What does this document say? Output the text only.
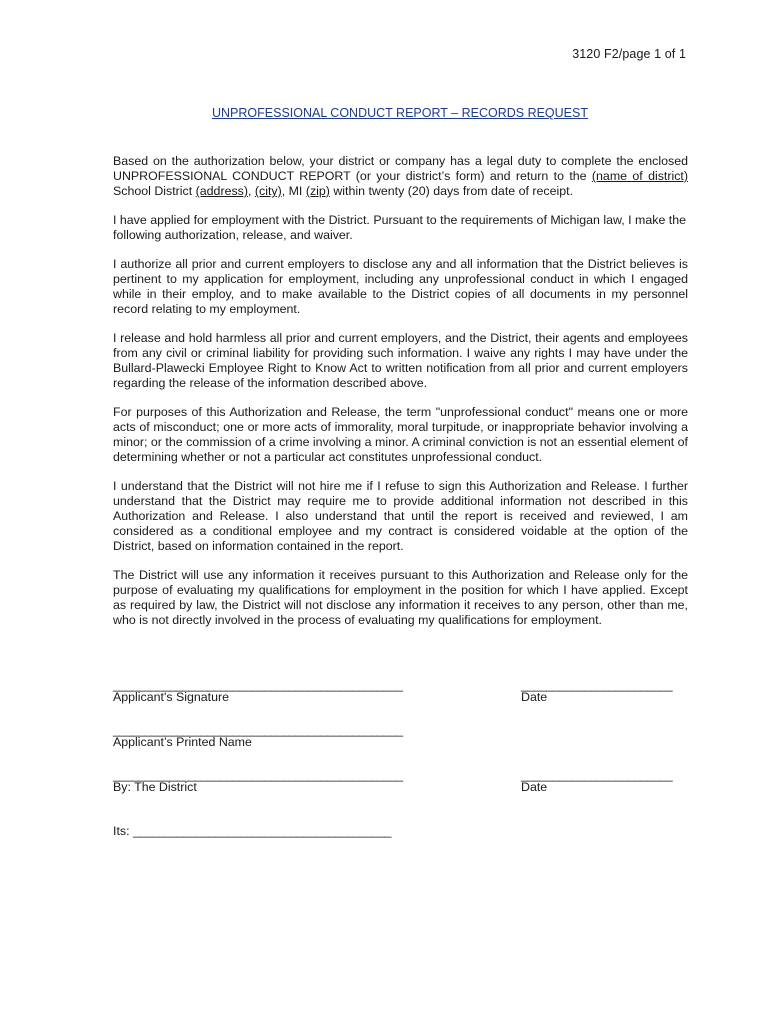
3120 F2/page 1 of 1
UNPROFESSIONAL CONDUCT REPORT – RECORDS REQUEST

Based on the authorization below, your district or company has a legal duty to complete the enclosed UNPROFESSIONAL CONDUCT REPORT (or your district’s form) and return to the (name of district) School District (address), (city), MI (zip) within twenty (20) days from date of receipt.

I have applied for employment with the District. Pursuant to the requirements of Michigan law, I make the following authorization, release, and waiver.

I authorize all prior and current employers to disclose any and all information that the District believes is pertinent to my application for employment, including any unprofessional conduct in which I engaged while in their employ, and to make available to the District copies of all documents in my personnel record relating to my employment.

I release and hold harmless all prior and current employers, and the District, their agents and employees from any civil or criminal liability for providing such information. I waive any rights I may have under the Bullard-Plawecki Employee Right to Know Act to written notification from all prior and current employers regarding the release of the information described above.

For purposes of this Authorization and Release, the term "unprofessional conduct" means one or more acts of misconduct; one or more acts of immorality, moral turpitude, or inappropriate behavior involving a minor; or the commission of a crime involving a minor. A criminal conviction is not an essential element of determining whether or not a particular act constitutes unprofessional conduct.

I understand that the District will not hire me if I refuse to sign this Authorization and Release. I further understand that the District may require me to provide additional information not described in this Authorization and Release. I also understand that until the report is received and reviewed, I am considered as a conditional employee and my contract is considered voidable at the option of the District, based on information contained in the report.

The District will use any information it receives pursuant to this Authorization and Release only for the purpose of evaluating my qualifications for employment in the position for which I have applied. Except as required by law, the District will not disclose any information it receives to any person, other than me, who is not directly involved in the process of evaluating my qualifications for employment.

______________________________________________	________________________
Applicant's Signature	Date
______________________________________________
Applicant’s Printed Name
______________________________________________	________________________
By: The District	Date
Its: _________________________________________
